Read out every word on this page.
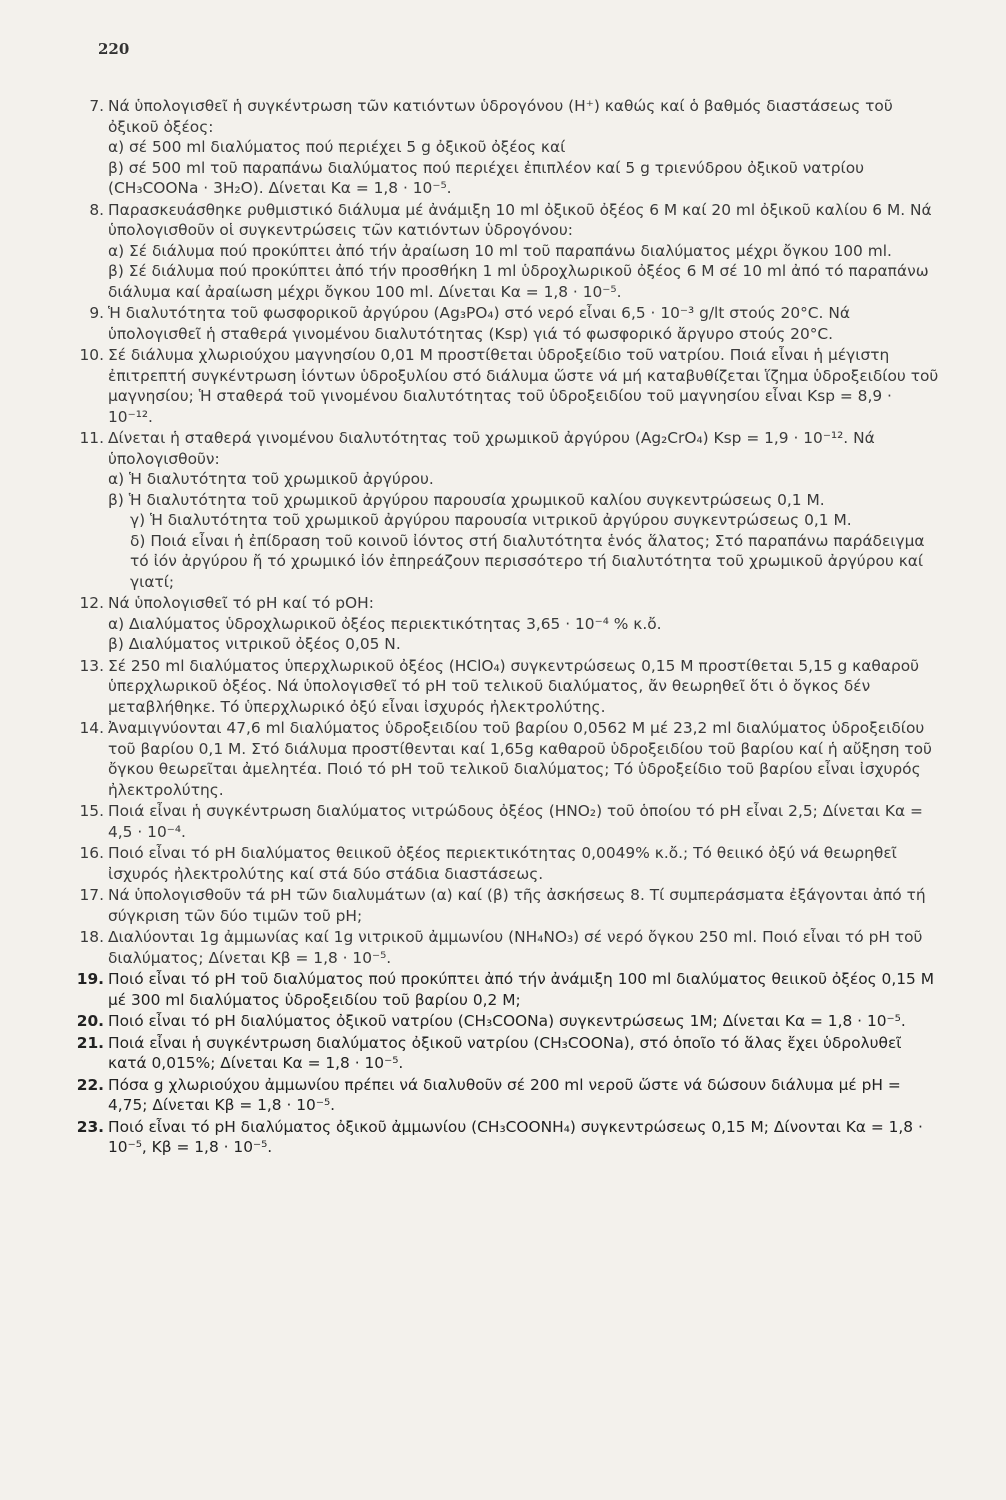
220
7. Νά ὑπολογισθεῖ ἡ συγκέντρωση τῶν κατιόντων ὑδρογόνου (H⁺) καθώς καί ὁ βαθμός διαστάσεως τοῦ ὀξικοῦ ὀξέος:
α) σέ 500 ml διαλύματος πού περιέχει 5 g ὀξικοῦ ὀξέος καί
β) σέ 500 ml τοῦ παραπάνω διαλύματος πού περιέχει ἐπιπλέον καί 5 g τριενύδρου ὀξικοῦ νατρίου (CH₃COONa · 3H₂O). Δίνεται Kα = 1,8 · 10⁻⁵.
8. Παρασκευάσθηκε ρυθμιστικό διάλυμα μέ ἀνάμιξη 10 ml ὀξικοῦ ὀξέος 6 M καί 20 ml ὀξικοῦ καλίου 6 M. Νά ὑπολογισθοῦν οἱ συγκεντρώσεις τῶν κατιόντων ὑδρογόνου:
α) Σέ διάλυμα πού προκύπτει ἀπό τήν ἀραίωση 10 ml τοῦ παραπάνω διαλύματος μέχρι ὄγκου 100 ml.
β) Σέ διάλυμα πού προκύπτει ἀπό τήν προσθήκη 1 ml ὑδροχλωρικοῦ ὀξέος 6 M σέ 10 ml ἀπό τό παραπάνω διάλυμα καί ἀραίωση μέχρι ὄγκου 100 ml. Δίνεται Kα = 1,8 · 10⁻⁵.
9. Ἡ διαλυτότητα τοῦ φωσφορικοῦ ἀργύρου (Ag₃PO₄) στό νερό εἶναι 6,5 · 10⁻³ g/lt στούς 20°C. Νά ὑπολογισθεῖ ἡ σταθερά γινομένου διαλυτότητας (Ksp) γιά τό φωσφορικό ἄργυρο στούς 20°C.
10. Σέ διάλυμα χλωριούχου μαγνησίου 0,01 M προστίθεται ὑδροξείδιο τοῦ νατρίου. Ποιά εἶναι ἡ μέγιστη ἐπιτρεπτή συγκέντρωση ἰόντων ὑδροξυλίου στό διάλυμα ὥστε νά μή καταβυθίζεται ἵζημα ὑδροξειδίου τοῦ μαγνησίου; Ἡ σταθερά τοῦ γινομένου διαλυτότητας τοῦ ὑδροξειδίου τοῦ μαγνησίου εἶναι Ksp = 8,9 · 10⁻¹².
11. Δίνεται ἡ σταθερά γινομένου διαλυτότητας τοῦ χρωμικοῦ ἀργύρου (Ag₂CrO₄) Ksp = 1,9 · 10⁻¹². Νά ὑπολογισθοῦν:
α) Ἡ διαλυτότητα τοῦ χρωμικοῦ ἀργύρου.
β) Ἡ διαλυτότητα τοῦ χρωμικοῦ ἀργύρου παρουσία χρωμικοῦ καλίου συγκεντρώσεως 0,1 M.
γ) Ἡ διαλυτότητα τοῦ χρωμικοῦ ἀργύρου παρουσία νιτρικοῦ ἀργύρου συγκεντρώσεως 0,1 M.
δ) Ποιά εἶναι ἡ ἐπίδραση τοῦ κοινοῦ ἰόντος στή διαλυτότητα ἑνός ἅλατος; Στό παραπάνω παράδειγμα τό ἰόν ἀργύρου ἤ τό χρωμικό ἰόν ἐπηρεάζουν περισσότερο τή διαλυτότητα τοῦ χρωμικοῦ ἀργύρου καί γιατί;
12. Νά ὑπολογισθεῖ τό pH καί τό pOH:
α) Διαλύματος ὑδροχλωρικοῦ ὀξέος περιεκτικότητας 3,65 · 10⁻⁴ % κ.ὄ.
β) Διαλύματος νιτρικοῦ ὀξέος 0,05 N.
13. Σέ 250 ml διαλύματος ὑπερχλωρικοῦ ὀξέος (HClO₄) συγκεντρώσεως 0,15 M προστίθεται 5,15 g καθαροῦ ὑπερχλωρικοῦ ὀξέος. Νά ὑπολογισθεῖ τό pH τοῦ τελικοῦ διαλύματος, ἄν θεωρηθεῖ ὅτι ὁ ὄγκος δέν μεταβλήθηκε. Τό ὑπερχλωρικό ὀξύ εἶναι ἰσχυρός ἠλεκτρολύτης.
14. Ἀναμιγνύονται 47,6 ml διαλύματος ὑδροξειδίου τοῦ βαρίου 0,0562 M μέ 23,2 ml διαλύματος ὑδροξειδίου τοῦ βαρίου 0,1 M. Στό διάλυμα προστίθενται καί 1,65g καθαροῦ ὑδροξειδίου τοῦ βαρίου καί ἡ αὔξηση τοῦ ὄγκου θεωρεῖται ἀμελητέα. Ποιό τό pH τοῦ τελικοῦ διαλύματος; Τό ὑδροξείδιο τοῦ βαρίου εἶναι ἰσχυρός ἠλεκτρολύτης.
15. Ποιά εἶναι ἡ συγκέντρωση διαλύματος νιτρώδους ὀξέος (HNO₂) τοῦ ὁποίου τό pH εἶναι 2,5; Δίνεται Kα = 4,5 · 10⁻⁴.
16. Ποιό εἶναι τό pH διαλύματος θειικοῦ ὀξέος περιεκτικότητας 0,0049% κ.ὄ.; Τό θειικό ὀξύ νά θεωρηθεῖ ἰσχυρός ἠλεκτρολύτης καί στά δύο στάδια διαστάσεως.
17. Νά ὑπολογισθοῦν τά pH τῶν διαλυμάτων (α) καί (β) τῆς ἀσκήσεως 8. Τί συμπεράσματα ἐξάγονται ἀπό τή σύγκριση τῶν δύο τιμῶν τοῦ pH;
18. Διαλύονται 1g ἀμμωνίας καί 1g νιτρικοῦ ἀμμωνίου (NH₄NO₃) σέ νερό ὄγκου 250 ml. Ποιό εἶναι τό pH τοῦ διαλύματος; Δίνεται Kβ = 1,8 · 10⁻⁵.
19. Ποιό εἶναι τό pH τοῦ διαλύματος πού προκύπτει ἀπό τήν ἀνάμιξη 100 ml διαλύματος θειικοῦ ὀξέος 0,15 M μέ 300 ml διαλύματος ὑδροξειδίου τοῦ βαρίου 0,2 M;
20. Ποιό εἶναι τό pH διαλύματος ὀξικοῦ νατρίου (CH₃COONa) συγκεντρώσεως 1M; Δίνεται Kα = 1,8 · 10⁻⁵.
21. Ποιά εἶναι ἡ συγκέντρωση διαλύματος ὀξικοῦ νατρίου (CH₃COONa), στό ὁποῖο τό ἅλας ἔχει ὑδρολυθεῖ κατά 0,015%; Δίνεται Kα = 1,8 · 10⁻⁵.
22. Πόσα g χλωριούχου ἀμμωνίου πρέπει νά διαλυθοῦν σέ 200 ml νεροῦ ὥστε νά δώσουν διάλυμα μέ pH = 4,75; Δίνεται Kβ = 1,8 · 10⁻⁵.
23. Ποιό εἶναι τό pH διαλύματος ὀξικοῦ ἀμμωνίου (CH₃COONH₄) συγκεντρώσεως 0,15 M; Δίνονται Kα = 1,8 · 10⁻⁵, Kβ = 1,8 · 10⁻⁵.
